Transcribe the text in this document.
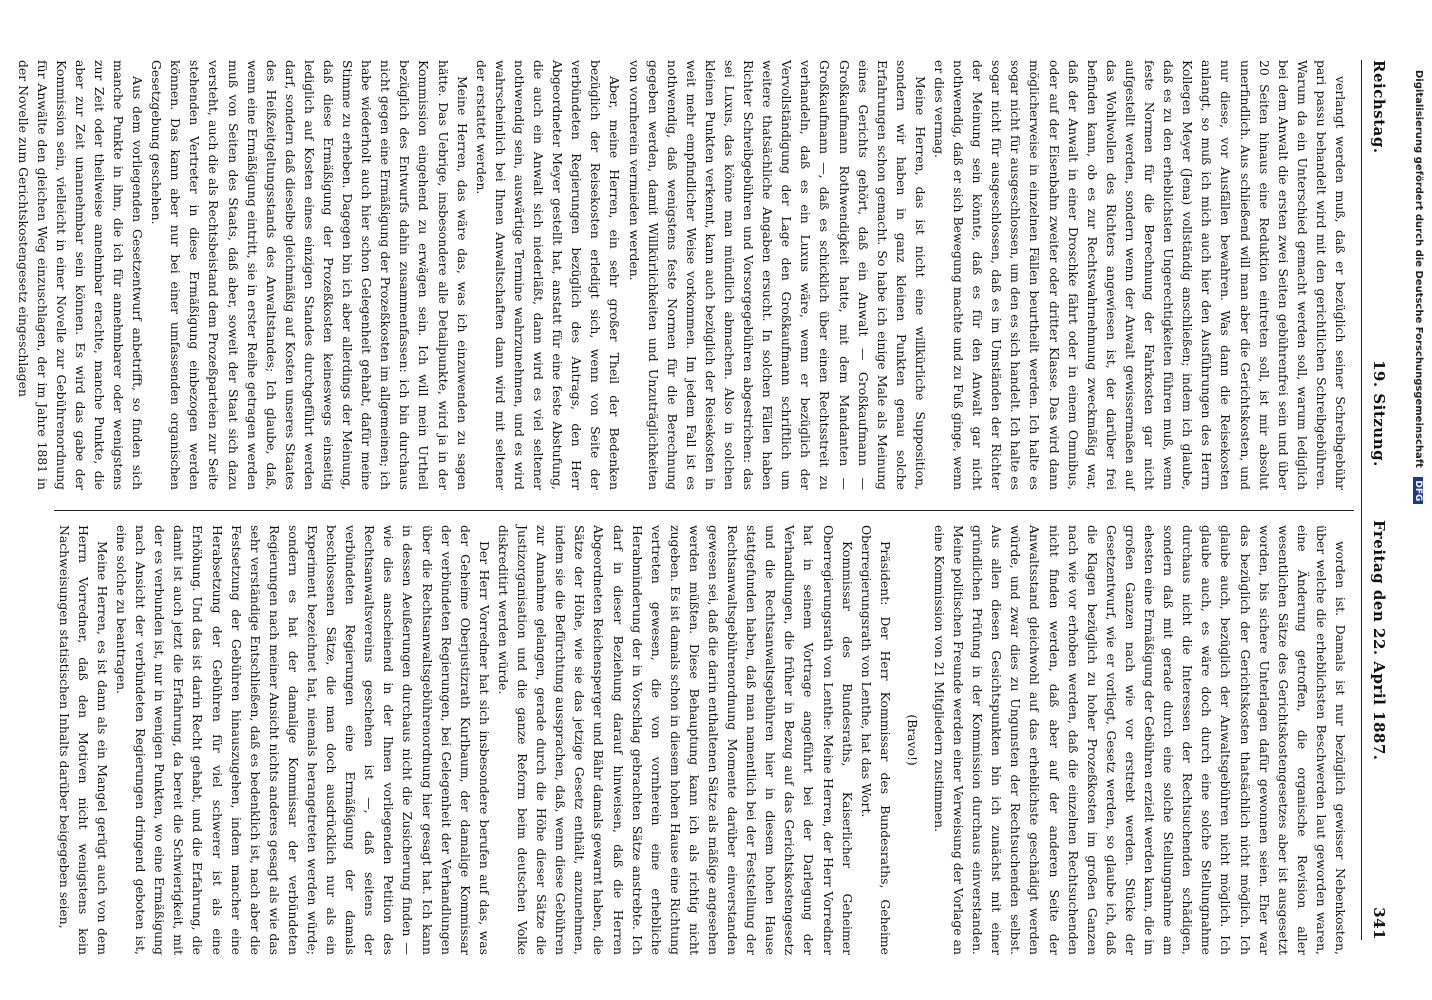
Reichstag.
19. Sitzung.
Freitag den 22. April 1887.
341

verlangt werden muß, daß er bezüglich seiner Schreibgebühr pari passu behandelt wird mit den gerichtlichen Schreibgebühren. Warum da ein Unterschied gemacht werden soll, warum lediglich bei dem Anwalt die ersten zwei Seiten gebührenfrei sein und über 20 Seiten hinaus eine Reduktion eintreten soll, ist mir absolut unerfindlich. Aus schließend will man aber die Gerichtskosten, und nur diese, vor Ausfällen bewahren. Was dann die Reisekosten anlangt, so muß ich mich auch hier den Ausführungen des Herrn Kollegen Meyer (Jena) vollständig anschließen; indem ich glaube, daß es zu den erheblichsten Ungerechtigkeiten führen muß, wenn feste Normen für die Berechnung der Fahrkosten gar nicht aufgestellt werden, sondern wenn der Anwalt gewissermaßen auf das Wohlwollen des Richters angewiesen ist, der darüber frei befinden kann, ob es zur Rechtswahrnehmung zweckmäßig war, daß der Anwalt in einer Droschke fährt oder in einem Omnibus, oder auf der Eisenbahn zweiter oder dritter Klasse. Das wird dann möglicherweise in einzelnen Fällen beurtheilt werden. Ich halte es sogar nicht für ausgeschlossen, um den es sich handelt. Ich halte es sogar nicht für ausgeschlossen, daß es im Umständen der Richter der Meinung sein könnte, daß es für den Anwalt gar nicht nothwendig, daß er sich Bewegung machte und zu Fuß ginge, wenn er dies vermag.

Meine Herren, das ist nicht eine willkürliche Supposition, sondern wir haben in ganz kleinen Punkten genau solche Erfahrungen schon gemacht. So habe ich einige Male als Meinung eines Gerichts gehört, daß ein Anwalt — Großkaufmann — Großkaufmann Rothwendigkeit hatte, mit dem Mandanten — Großkaufmann —, daß es schicklich über einen Rechtsstreit zu verhandeln, daß es ein Luxus wäre, wenn er bezüglich der Vervollständigung der Lage den Großkaufmann schriftlich um weitere thatsächliche Angaben ersucht. In solchen Fällen haben Richter Schreibgebühren und Vorsorgegebühren abgestrichen: das sei Luxus, das könne man mündlich abmachen. Also in solchen kleinen Punkten verkennt, kann auch bezüglich der Reisekosten in weit mehr empfindlicher Weise vorkommen. Im jedem Fall ist es nothwendig, daß wenigstens feste Normen für die Berechnung gegeben werden, damit Willkürlichkeiten und Unzuträglichkeiten von vornherein vermieden werden.

Aber, meine Herren, ein sehr großer Theil der Bedenken bezüglich der Reisekosten erledigt sich, wenn von Seite der verbündeten Regierungen bezüglich des Antrags, den Herr Abgeordneter Meyer gestellt hat, anstatt für eine feste Abstufung, die auch ein Anwalt sich niederläßt, dann wird es viel seltener nothwendig sein, auswärtige Termine wahrzunehmen, und es wird wahrscheinlich bei Ihnen Anwaltschaften dann wird mit seltener der erstattet werden.

Meine Herren, das wäre das, was ich einzuwenden zu sagen hätte. Das Uebrige, insbesondere alle Detailpunkte, wird ja in der Kommission eingehend zu erwägen sein. Ich will mein Urtheil bezüglich des Entwurfs dahin zusammenfassen: ich bin durchaus nicht gegen eine Ermäßigung der Prozeßkosten im allgemeinen; ich habe wiederholt auch hier schon Gelegenheit gehabt, dafür meine Stimme zu erheben. Dagegen bin ich aber allerdings der Meinung, daß diese Ermäßigung der Prozeßkosten keineswegs einseitig lediglich auf Kosten eines einzigen Standes durchgeführt werden darf, sondern daß dieselbe gleichmäßig auf Kosten unseres Staates des Heißzeitgeltungsstands des Anwaltstandes; Ich glaube, daß, wenn eine Ermäßigung eintritt, sie in erster Reihe getragen werden muß von Seiten des Staats, daß aber, soweit der Staat sich dazu versteht, auch die als Rechtsbeistand dem Prozeßparteien zur Seite stehenden Vertreter in diese Ermäßigung einbezogen werden können. Das kann aber nur bei einer umfassenden organischen Gesetzgebung geschehen.

Aus dem vorliegenden Gesetzentwurf anbetrifft, so finden sich manche Punkte in ihm, die ich für annehmbarer oder wenigstens zur Zeit oder theilweise annehmbar erachte, manche Punkte, die aber zur Zeit unannehmbar sein können. Es wird das gabe der Kommission sein, vielleicht in einer Novelle zur Gebührenordnung für Anwälte den gleichen Weg einzuschlagen, der im Jahre 1881 in der Novelle zum Gerichtskostengesetz eingeschlagen

worden ist. Damals ist nur bezüglich gewisser Nebenkosten, über welche die erheblichsten Beschwerden laut geworden waren, eine Änderung getroffen, die organische Revision aller wesentlichen Sätze des Gerichtskostengesetzes aber ist ausgesetzt worden, bis sichere Unterlagen dafür gewonnen seien. Eher war das bezüglich der Gerichtskosten thatsächlich nicht möglich. Ich glaube auch, bezüglich der Anwaltsgebühren nicht möglich. Ich glaube auch, es wäre doch durch eine solche Stellungnahme durchaus nicht die Interessen der Rechtsuchenden schädigen, sondern daß mit gerade durch eine solche Stellungnahme am ehesten eine Ermäßigung der Gebühren erzielt werden kann, die im großen Ganzen nach wie vor erstrebt werden. Stücke der Gesetzentwurf, wie er vorliegt, Gesetz werden, so glaube ich, daß die Klagen bezüglich zu hoher Prozeßkosten im großen Ganzen nach wie vor erhoben werden, daß die einzelnen Rechtsuchenden nicht finden werden, daß aber auf der anderen Seite der Anwaltsstand gleichwohl auf das erheblichste geschädigt werden würde, und zwar dies zu Ungunsten der Rechtsuchenden selbst. Aus allen diesen Gesichtspunkten bin ich zunächst mit einer gründlichen Prüfung in der Kommission durchaus einverstanden. Meine politischen Freunde werden einer Verweisung der Vorlage an eine Kommission von 21 Mitgliedern zustimmen.

(Bravo!)

Präsident: Der Herr Kommissar des Bundesraths, Geheime Oberregierungsrath von Lenthe, hat das Wort.

Kommissar des Bundesraths, Kaiserlicher Geheimer Oberregierungsrath von Lenthe: Meine Herren, der Herr Vorredner hat in seinem Vortrage angeführt bei der Darlegung der Verhandlungen, die früher in Bezug auf das Gerichtskostengesetz und die Rechtsanwaltsgebühren hier in diesem hohen Hause stattgefunden haben, daß man namentlich bei der Feststellung der Rechtsanwaltsgebührenordnung Momente darüber einverstanden gewesen sei, daß die darin enthaltenen Sätze als mäßige angesehen werden müßten. Diese Behauptung kann ich als richtig nicht zugeben. Es ist damals schon in diesem hohen Hause eine Richtung vertreten gewesen, die von vornherein eine erhebliche Herabminderung der in Vorschlag gebrachten Sätze anstrebte. Ich darf in dieser Beziehung darauf hinweisen, daß die Herren Abgeordneten Reichensperger und Bähr damals gewarnt haben, die Sätze der Höhe, wie sie das jetzige Gesetz enthält, anzunehmen, indem sie die Befürchtung aussprachen, daß, wenn diese Gebühren zur Annahme gelangen, gerade durch die Höhe dieser Sätze die Justizorganisation und die ganze Reform beim deutschen Volke diskreditirt werden würde.

Der Herr Vorredner hat sich insbesondere berufen auf das, was der Geheime Oberjustizrath Kurlbaum, der damalige Kommissar der verbündeten Regierungen, bei Gelegenheit der Verhandlungen über die Rechtsanwaltsgebührenordnung hier gesagt hat. Ich kann in dessen Aeußerungen durchaus nicht die Zusicherung finden — wie dies anscheinend in der Ihnen vorliegenden Petition des Rechtsanwaltsvereins geschehen ist —, daß seitens der verbündeten Regierungen eine Ermäßigung der damals beschlossenen Sätze, die man doch ausdrücklich nur als ein Experiment bezeichnet hat, niemals herangetreten werden würde; sondern es hat der damalige Kommissar der verbündeten Regierungen nach meiner Ansicht nichts anderes gesagt als wie das sehr verständige Entschließen, daß es bedenklich ist, nach aber die Festsetzung der Gebühren hinauszugehen, indem mancher eine Herabsetzung der Gebühren für viel schwerer ist als eine Erhöhung. Und das ist darin Recht gehabt, und die Erfahrung, die damit ist auch jetzt die Erfahrung, da bereit die Schwierigkeit, mit der es verbunden ist, nur in wenigen Punkten, wo eine Ermäßigung nach Ansicht der verbündeten Regierungen dringend geboten ist, eine solche zu beantragen.

Meine Herren, es ist dann als ein Mangel gerügt auch von dem Herrn Vorredner, daß den Motiven nicht wenigstens kein Nachweisungen statistischen Inhalts darüber beigegeben seien,

Digitalisierung gefördert durch die Deutsche Forschungsgemeinschaft DFG
